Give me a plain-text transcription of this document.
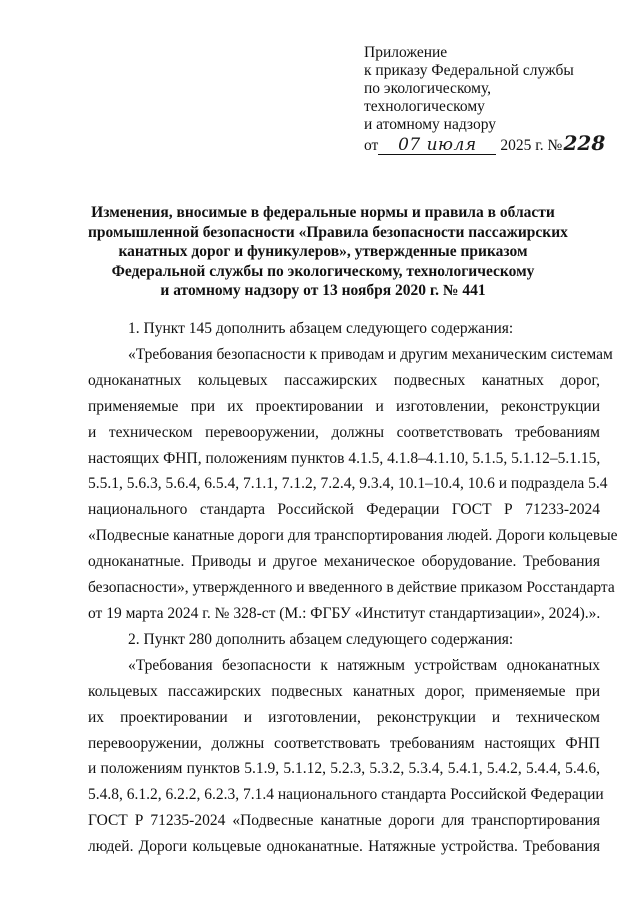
Приложение
к приказу Федеральной службы
по экологическому,
технологическому
и атомному надзору
от	07 июля	2025 г. № 228
Изменения, вносимые в федеральные нормы и правила в области
промышленной безопасности «Правила безопасности пассажирских
канатных дорог и фуникулеров», утвержденные приказом
Федеральной службы по экологическому, технологическому
и атомному надзору от 13 ноября 2020 г. № 441
1. Пункт 145 дополнить абзацем следующего содержания:
«Требования безопасности к приводам и другим механическим системам
одноканатных кольцевых пассажирских подвесных канатных дорог,
применяемые при их проектировании и изготовлении, реконструкции
и техническом перевооружении, должны соответствовать требованиям
настоящих ФНП, положениям пунктов 4.1.5, 4.1.8–4.1.10, 5.1.5, 5.1.12–5.1.15,
5.5.1, 5.6.3, 5.6.4, 6.5.4, 7.1.1, 7.1.2, 7.2.4, 9.3.4, 10.1–10.4, 10.6 и подраздела 5.4
национального стандарта Российской Федерации ГОСТ Р 71233-2024
«Подвесные канатные дороги для транспортирования людей. Дороги кольцевые
одноканатные. Приводы и другое механическое оборудование. Требования
безопасности», утвержденного и введенного в действие приказом Росстандарта
от 19 марта 2024 г. № 328-ст (М.: ФГБУ «Институт стандартизации», 2024).».
2. Пункт 280 дополнить абзацем следующего содержания:
«Требования безопасности к натяжным устройствам одноканатных
кольцевых пассажирских подвесных канатных дорог, применяемые при
их проектировании и изготовлении, реконструкции и техническом
перевооружении, должны соответствовать требованиям настоящих ФНП
и положениям пунктов 5.1.9, 5.1.12, 5.2.3, 5.3.2, 5.3.4, 5.4.1, 5.4.2, 5.4.4, 5.4.6,
5.4.8, 6.1.2, 6.2.2, 6.2.3, 7.1.4 национального стандарта Российской Федерации
ГОСТ Р 71235-2024 «Подвесные канатные дороги для транспортирования
людей. Дороги кольцевые одноканатные. Натяжные устройства. Требования
